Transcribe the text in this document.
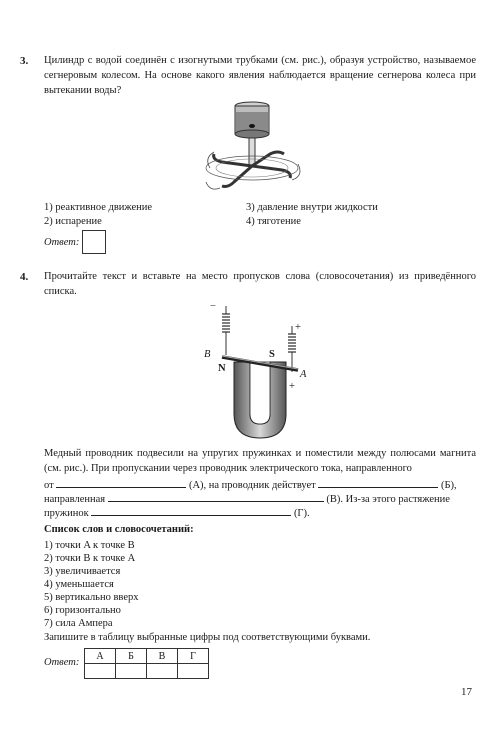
3. Цилиндр с водой соединён с изогнутыми трубками (см. рис.), образуя устройство, называемое сегнеровым колесом. На основе какого явления наблюдается вращение сегнерова колеса при вытекании воды?
1) реактивное движение
2) испарение
3) давление внутри жидкости
4) тяготение
Ответ:
4. Прочитайте текст и вставьте на место пропусков слова (словосочетания) из приведённого списка.
−
+
+
B
A
N
S
Медный проводник подвесили на упругих пружинках и поместили между полюсами магнита (см. рис.). При пропускании через проводник электрического тока, направленного
от	(А), на проводник действует	(Б),
направленная	(В). Из-за этого растяжение
пружинок	(Г).
Список слов и словосочетаний:
1) точки A к точке B
2) точки B к точке A
3) увеличивается
4) уменьшается
5) вертикально вверх
6) горизонтально
7) сила Ампера
Запишите в таблицу выбранные цифры под соответствующими буквами.
Ответ:
А	Б	В	Г

17
